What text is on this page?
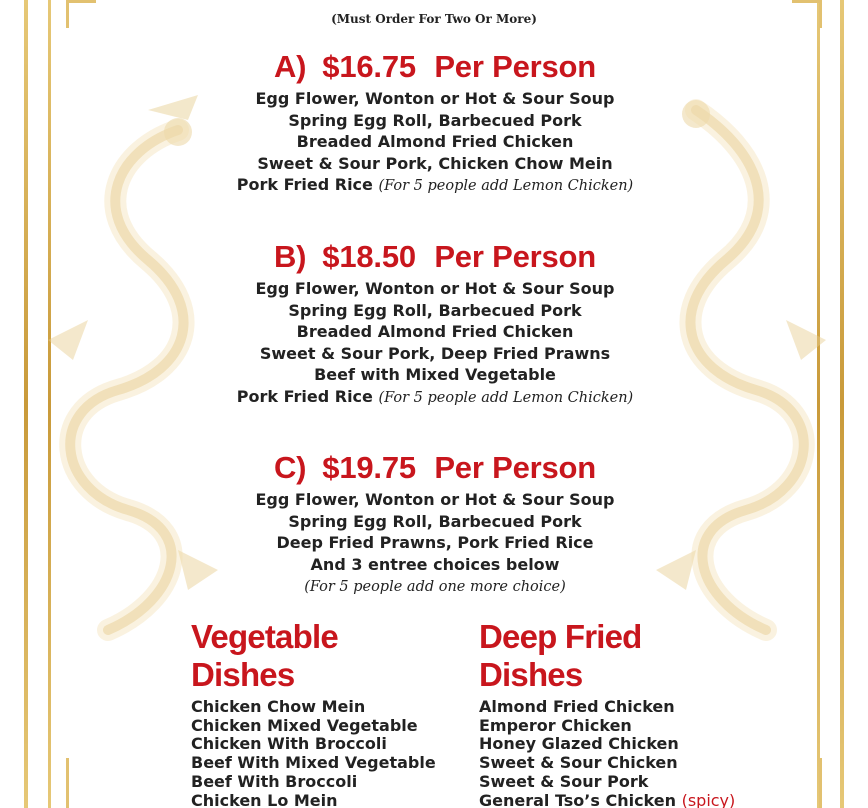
(Must Order For Two Or More)
A) $16.75 Per Person
Egg Flower, Wonton or Hot & Sour Soup
Spring Egg Roll, Barbecued Pork
Breaded Almond Fried Chicken
Sweet & Sour Pork, Chicken Chow Mein
Pork Fried Rice (For 5 people add Lemon Chicken)
B) $18.50 Per Person
Egg Flower, Wonton or Hot & Sour Soup
Spring Egg Roll, Barbecued Pork
Breaded Almond Fried Chicken
Sweet & Sour Pork, Deep Fried Prawns
Beef with Mixed Vegetable
Pork Fried Rice (For 5 people add Lemon Chicken)
C) $19.75 Per Person
Egg Flower, Wonton or Hot & Sour Soup
Spring Egg Roll, Barbecued Pork
Deep Fried Prawns, Pork Fried Rice
And 3 entree choices below
(For 5 people add one more choice)
Vegetable
Dishes
Chicken Chow Mein
Chicken Mixed Vegetable
Chicken With Broccoli
Beef With Mixed Vegetable
Beef With Broccoli
Chicken Lo Mein
Deep Fried
Dishes
Almond Fried Chicken
Emperor Chicken
Honey Glazed Chicken
Sweet & Sour Chicken
Sweet & Sour Pork
General Tso’s Chicken (spicy)
